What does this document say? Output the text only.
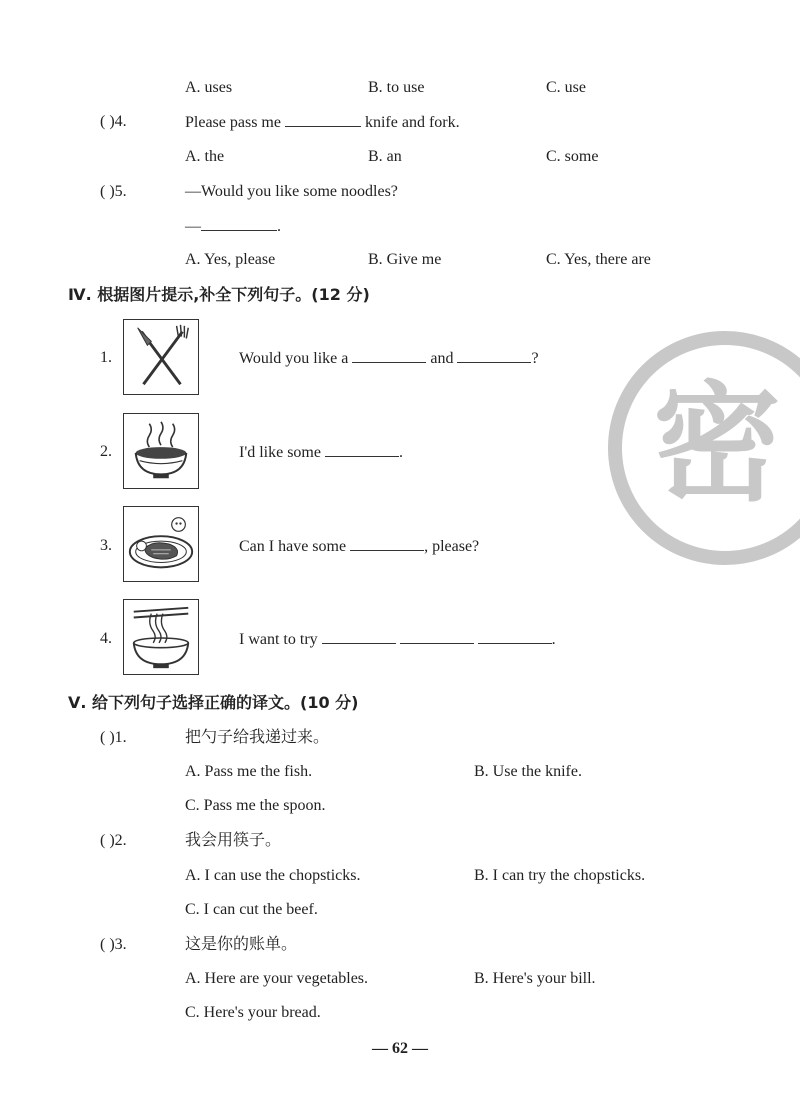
A. uses	B. to use	C. use
( )4.	Please pass me	knife and fork.
A. the	B. an	C. some
( )5.	—Would you like some noodles?
—	.
A. Yes, please	B. Give me	C. Yes, there are
Ⅳ. 根据图片提示,补全下列句子。(12 分)
密
1.	Would you like a	and	?
2.	I'd like some	.
3.	Can I have some	, please?
4.	I want to try	.
Ⅴ. 给下列句子选择正确的译文。(10 分)
( )1.	把勺子给我递过来。
A. Pass me the fish.	B. Use the knife.
C. Pass me the spoon.
( )2.	我会用筷子。
A. I can use the chopsticks.	B. I can try the chopsticks.
C. I can cut the beef.
( )3.	这是你的账单。
A. Here are your vegetables.	B. Here's your bill.
C. Here's your bread.
— 62 —
